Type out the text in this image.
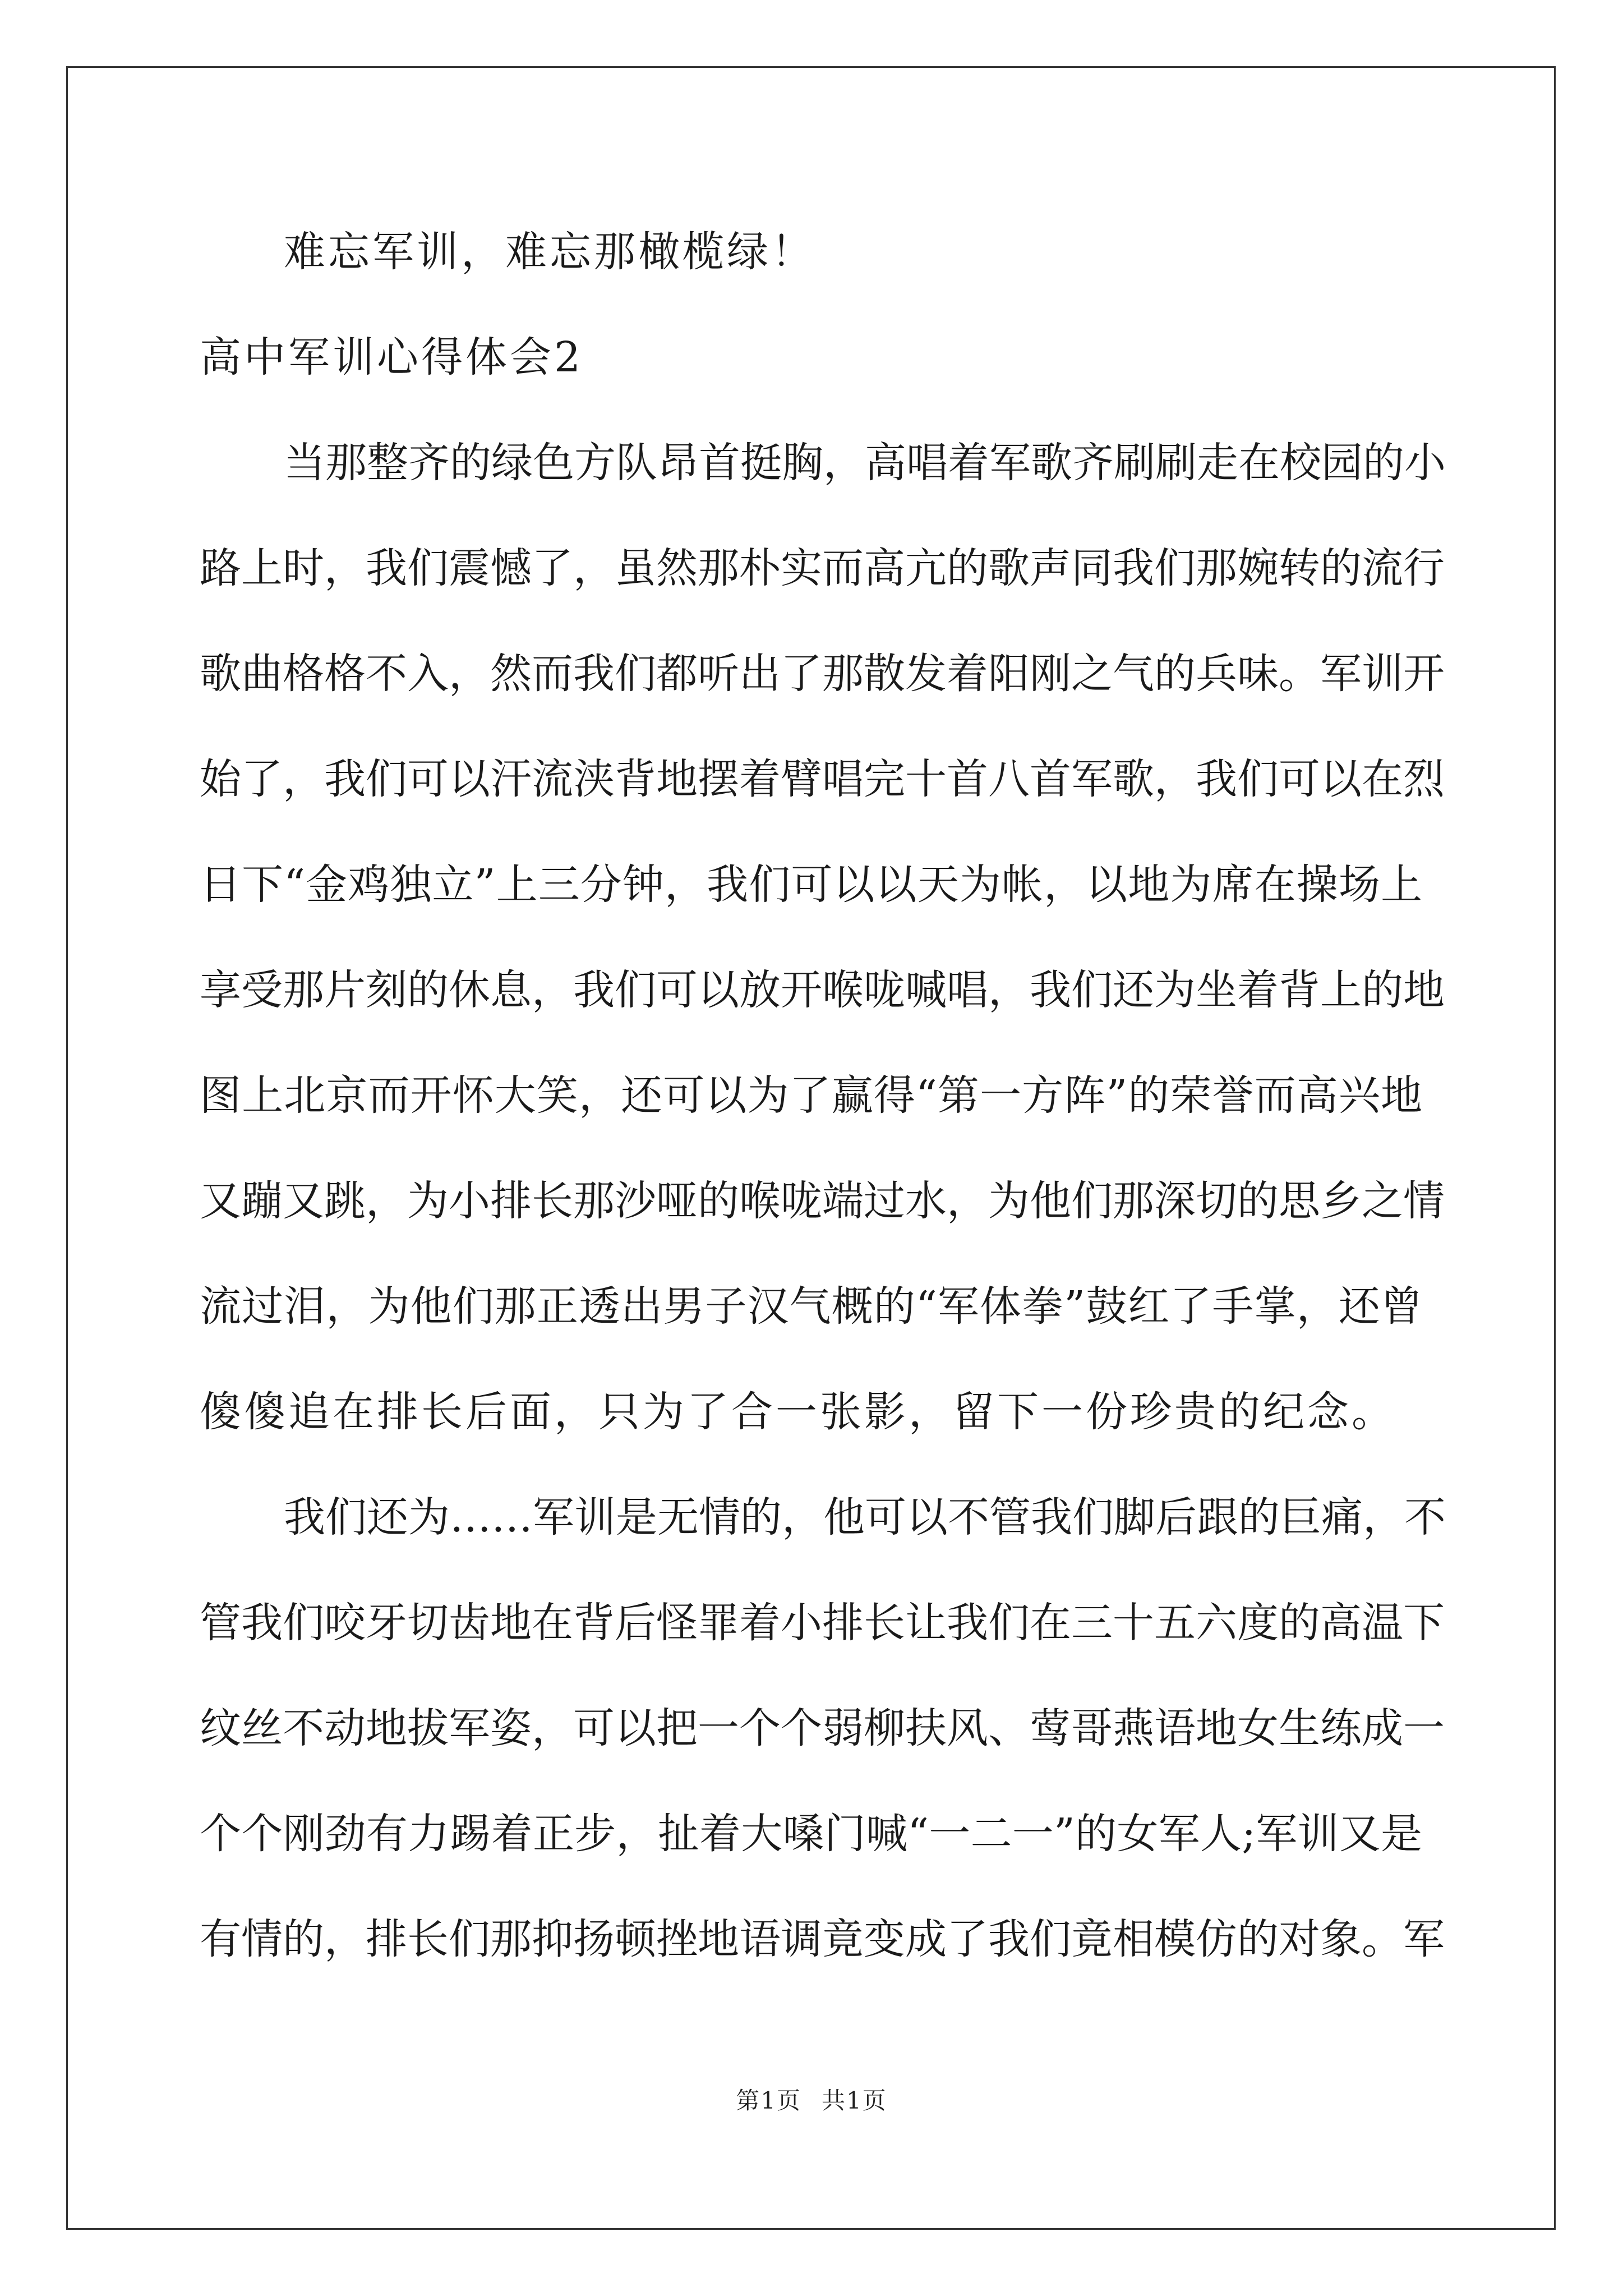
难忘军训，难忘那橄榄绿！
高中军训心得体会2
当那整齐的绿色方队昂首挺胸，高唱着军歌齐刷刷走在校园的小
路上时，我们震憾了，虽然那朴实而高亢的歌声同我们那婉转的流行
歌曲格格不入，然而我们都听出了那散发着阳刚之气的兵味。军训开
始了，我们可以汗流浃背地摆着臂唱完十首八首军歌，我们可以在烈
日下“金鸡独立”上三分钟，我们可以以天为帐，以地为席在操场上
享受那片刻的休息，我们可以放开喉咙喊唱，我们还为坐着背上的地
图上北京而开怀大笑，还可以为了赢得“第一方阵”的荣誉而高兴地
又蹦又跳，为小排长那沙哑的喉咙端过水，为他们那深切的思乡之情
流过泪，为他们那正透出男子汉气概的“军体拳”鼓红了手掌，还曾
傻傻追在排长后面，只为了合一张影，留下一份珍贵的纪念。
我们还为……军训是无情的，他可以不管我们脚后跟的巨痛，不
管我们咬牙切齿地在背后怪罪着小排长让我们在三十五六度的高温下
纹丝不动地拔军姿，可以把一个个弱柳扶风、莺哥燕语地女生练成一
个个刚劲有力踢着正步，扯着大嗓门喊“一二一”的女军人;军训又是
有情的，排长们那抑扬顿挫地语调竟变成了我们竟相模仿的对象。军
第1页 共1页
